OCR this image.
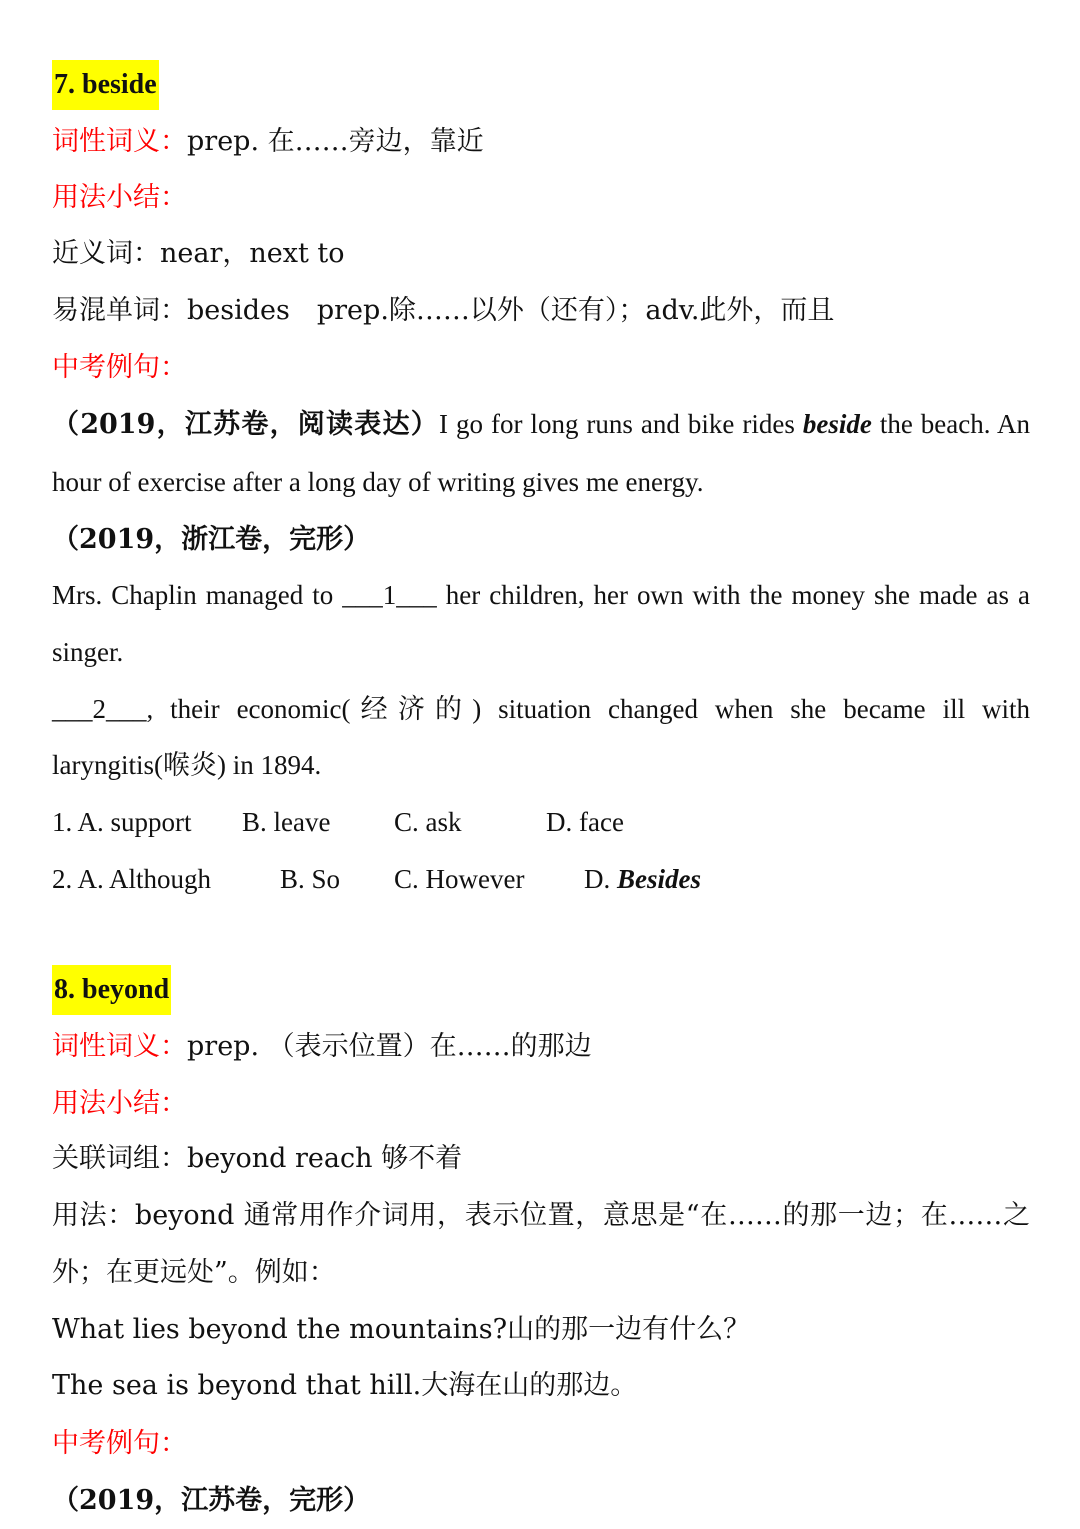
7. beside
词性词义：prep. 在……旁边，靠近
用法小结：
近义词：near，next to
易混单词：besides　prep.除……以外（还有）；adv.此外，而且
中考例句：
（2019，江苏卷，阅读表达）I go for long runs and bike rides beside the beach. An hour of exercise after a long day of writing gives me energy.
（2019，浙江卷，完形）
Mrs. Chaplin managed to ___1___ her children, her own with the money she made as a singer.
___2___, their economic(经济的) situation changed when she became ill with laryngitis(喉炎) in 1894.
1. A. support B. leave C. ask	D. face
2. A. Although	B. So C. However D. Besides
8. beyond
词性词义：prep. （表示位置）在……的那边
用法小结：
关联词组：beyond reach 够不着
用法：beyond 通常用作介词用，表示位置，意思是“在……的那一边；在……之外；在更远处”。例如：
What lies beyond the mountains?山的那一边有什么？
The sea is beyond that hill.大海在山的那边。
中考例句：
（2019，江苏卷，完形）
